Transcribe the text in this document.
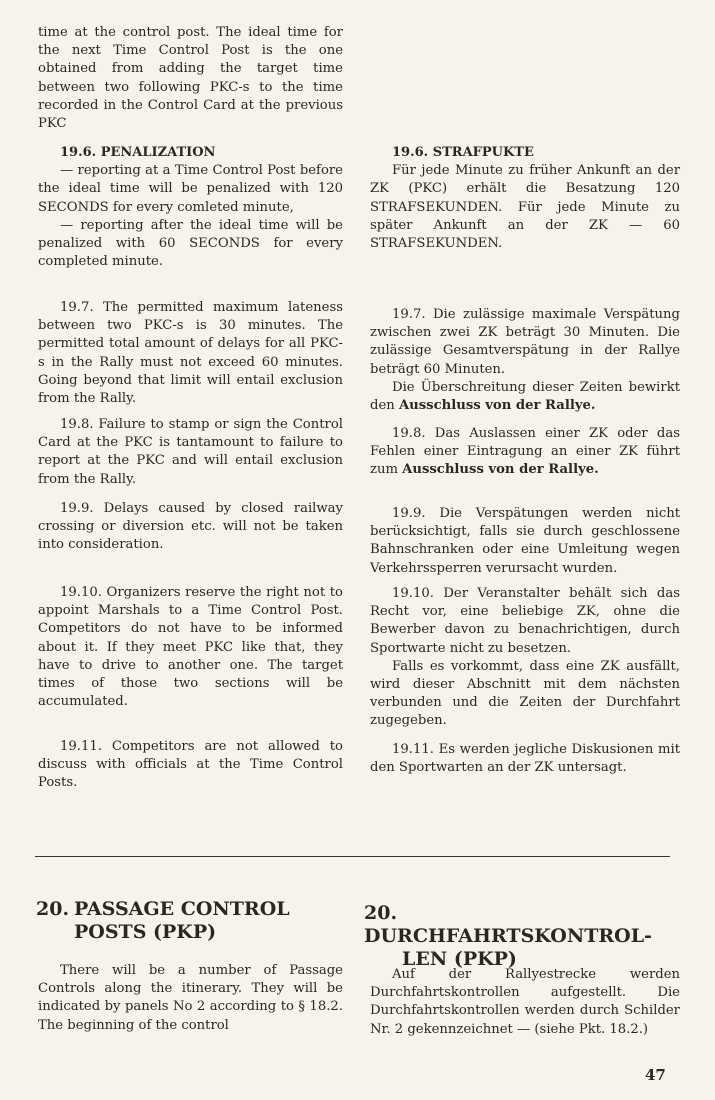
time at the control post. The ideal time for the next Time Control Post is the one obtained from adding the target time between two following PKC-s to the time recorded in the Control Card at the previous PKC

19.6. PENALIZATION

— reporting at a Time Control Post before the ideal time will be penalized with 120 SECONDS for every comleted minute,

— reporting after the ideal time will be penalized with 60 SECONDS for every completed minute.

19.7. The permitted maximum lateness between two PKC-s is 30 minutes. The permitted total amount of delays for all PKC-s in the Rally must not exceed 60 minutes. Going beyond that limit will entail exclusion from the Rally.

19.8. Failure to stamp or sign the Control Card at the PKC is tantamount to failure to report at the PKC and will entail exclusion from the Rally.

19.9. Delays caused by closed railway crossing or diversion etc. will not be taken into consideration.

19.10. Organizers reserve the right not to appoint Marshals to a Time Control Post. Competitors do not have to be informed about it. If they meet PKC like that, they have to drive to another one. The target times of those two sections will be accumulated.

19.11. Competitors are not allowed to discuss with officials at the Time Control Posts.

19.6. STRAFPUKTE

Für jede Minute zu früher Ankunft an der ZK (PKC) erhält die Besatzung 120 STRAFSEKUNDEN. Für jede Minute zu später Ankunft an der ZK — 60 STRAFSEKUNDEN.

19.7. Die zulässige maximale Verspätung zwischen zwei ZK beträgt 30 Minuten. Die zulässige Gesamtverspätung in der Rallye beträgt 60 Minuten.

Die Überschreitung dieser Zeiten bewirkt den Ausschluss von der Rallye.

19.8. Das Auslassen einer ZK oder das Fehlen einer Eintragung an einer ZK führt zum Ausschluss von der Rallye.

19.9. Die Verspätungen werden nicht berücksichtigt, falls sie durch geschlossene Bahnschranken oder eine Umleitung wegen Verkehrssperren verursacht wurden.

19.10. Der Veranstalter behält sich das Recht vor, eine beliebige ZK, ohne die Bewerber davon zu benachrichtigen, durch Sportwarte nicht zu besetzen.

Falls es vorkommt, dass eine ZK ausfällt, wird dieser Abschnitt mit dem nächsten verbunden und die Zeiten der Durchfahrt zugegeben.

19.11. Es werden jegliche Diskusionen mit den Sportwarten an der ZK untersagt.

20. PASSAGE CONTROL
POSTS (PKP)
20.DURCHFAHRTSKONTROL-
LEN (PKP)

There will be a number of Passage Controls along the itinerary. They will be indicated by panels No 2 according to § 18.2. The beginning of the control

Auf der Rallyestrecke werden Durchfahrtskontrollen aufgestellt. Die Durchfahrtskontrollen werden durch Schilder Nr. 2 gekennzeichnet — (siehe Pkt. 18.2.)

47
